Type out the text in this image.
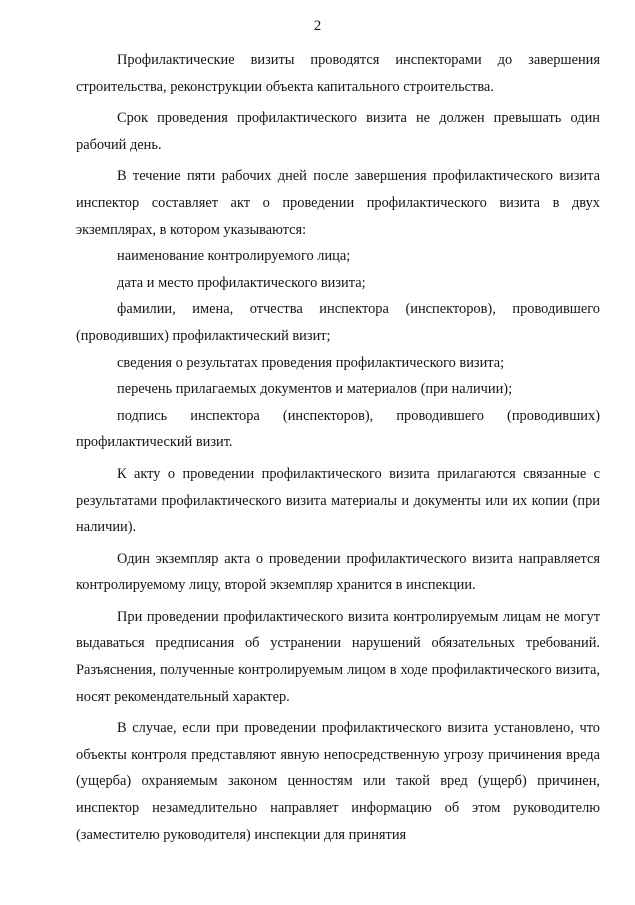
2

Профилактические визиты проводятся инспекторами до завершения строительства, реконструкции объекта капитального строительства.

Срок проведения профилактического визита не должен превышать один рабочий день.

В течение пяти рабочих дней после завершения профилактического визита инспектор составляет акт о проведении профилактического визита в двух экземплярах, в котором указываются:

наименование контролируемого лица;

дата и место профилактического визита;

фамилии, имена, отчества инспектора (инспекторов), проводившего (проводивших) профилактический визит;

сведения о результатах проведения профилактического визита;

перечень прилагаемых документов и материалов (при наличии);

подпись инспектора (инспекторов), проводившего (проводивших) профилактический визит.

К акту о проведении профилактического визита прилагаются связанные с результатами профилактического визита материалы и документы или их копии (при наличии).

Один экземпляр акта о проведении профилактического визита направляется контролируемому лицу, второй экземпляр хранится в инспекции.

При проведении профилактического визита контролируемым лицам не могут выдаваться предписания об устранении нарушений обязательных требований. Разъяснения, полученные контролируемым лицом в ходе профилактического визита, носят рекомендательный характер.

В случае, если при проведении профилактического визита установлено, что объекты контроля представляют явную непосредственную угрозу причинения вреда (ущерба) охраняемым законом ценностям или такой вред (ущерб) причинен, инспектор незамедлительно направляет информацию об этом руководителю (заместителю руководителя) инспекции для принятия
